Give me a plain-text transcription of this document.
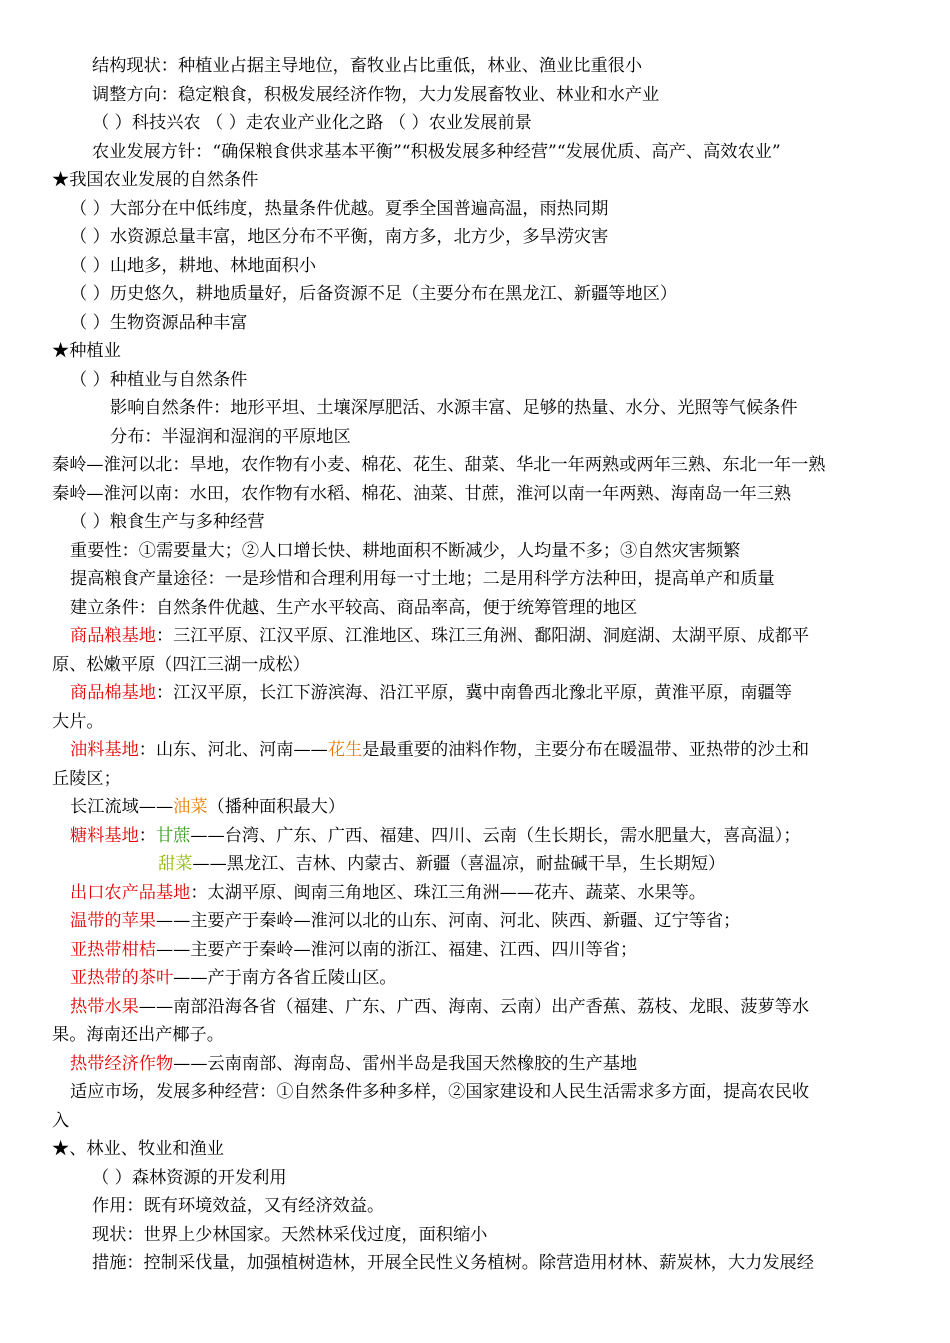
结构现状：种植业占据主导地位，畜牧业占比重低，林业、渔业比重很小
调整方向：稳定粮食，积极发展经济作物，大力发展畜牧业、林业和水产业
（ ）科技兴农 （ ）走农业产业化之路 （ ）农业发展前景
农业发展方针：“确保粮食供求基本平衡”“积极发展多种经营”“发展优质、高产、高效农业”
★我国农业发展的自然条件
（ ）大部分在中低纬度，热量条件优越。夏季全国普遍高温，雨热同期
（ ）水资源总量丰富，地区分布不平衡，南方多，北方少，多旱涝灾害
（ ）山地多，耕地、林地面积小
（ ）历史悠久，耕地质量好，后备资源不足（主要分布在黑龙江、新疆等地区）
（ ）生物资源品种丰富
★种植业
（ ）种植业与自然条件
影响自然条件：地形平坦、土壤深厚肥活、水源丰富、足够的热量、水分、光照等气候条件
分布：半湿润和湿润的平原地区
秦岭—淮河以北：旱地，农作物有小麦、棉花、花生、甜菜、华北一年两熟或两年三熟、东北一年一熟
秦岭—淮河以南：水田，农作物有水稻、棉花、油菜、甘蔗，淮河以南一年两熟、海南岛一年三熟
（ ）粮食生产与多种经营
重要性：①需要量大；②人口增长快、耕地面积不断减少，人均量不多；③自然灾害频繁
提高粮食产量途径：一是珍惜和合理利用每一寸土地；二是用科学方法种田，提高单产和质量
建立条件：自然条件优越、生产水平较高、商品率高，便于统筹管理的地区
商品粮基地：三江平原、江汉平原、江淮地区、珠江三角洲、鄱阳湖、洞庭湖、太湖平原、成都平
原、松嫩平原（四江三湖一成松）
商品棉基地：江汉平原，长江下游滨海、沿江平原，冀中南鲁西北豫北平原，黄淮平原，南疆等
大片。
油料基地：山东、河北、河南——花生是最重要的油料作物，主要分布在暖温带、亚热带的沙土和
丘陵区；
长江流域——油菜（播种面积最大）
糖料基地：甘蔗——台湾、广东、广西、福建、四川、云南（生长期长，需水肥量大，喜高温）；
甜菜——黑龙江、吉林、内蒙古、新疆（喜温凉，耐盐碱干旱，生长期短）
出口农产品基地：太湖平原、闽南三角地区、珠江三角洲——花卉、蔬菜、水果等。
温带的苹果——主要产于秦岭—淮河以北的山东、河南、河北、陕西、新疆、辽宁等省；
亚热带柑桔——主要产于秦岭—淮河以南的浙江、福建、江西、四川等省；
亚热带的茶叶——产于南方各省丘陵山区。
热带水果——南部沿海各省（福建、广东、广西、海南、云南）出产香蕉、荔枝、龙眼、菠萝等水
果。海南还出产椰子。
热带经济作物——云南南部、海南岛、雷州半岛是我国天然橡胶的生产基地
适应市场，发展多种经营：①自然条件多种多样，②国家建设和人民生活需求多方面，提高农民收
入
★、林业、牧业和渔业
（ ）森林资源的开发利用
作用：既有环境效益，又有经济效益。
现状：世界上少林国家。天然林采伐过度，面积缩小
措施：控制采伐量，加强植树造林，开展全民性义务植树。除营造用材林、薪炭林，大力发展经
